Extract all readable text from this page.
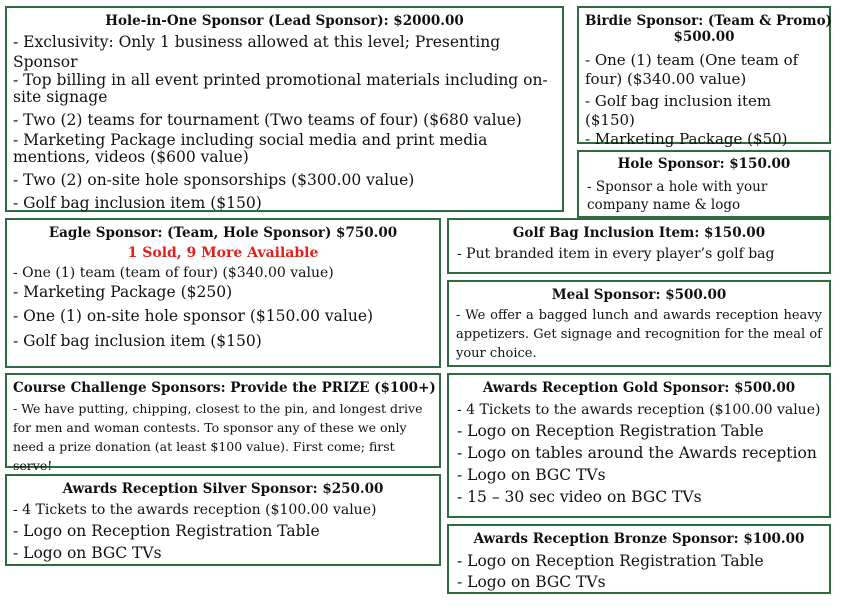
Hole-in-One Sponsor (Lead Sponsor): $2000.00
- Exclusivity: Only 1 business allowed at this level; Presenting Sponsor
- Top billing in all event printed promotional materials including on-site signage
- Two (2) teams for tournament (Two teams of four) ($680 value)
- Marketing Package including social media and print media mentions, videos ($600 value)
- Two (2) on-site hole sponsorships ($300.00 value)
- Golf bag inclusion item ($150)
Birdie Sponsor: (Team & Promo)
$500.00
- One (1) team (One team of four) ($340.00 value)
- Golf bag inclusion item ($150)
- Marketing Package ($50)
Hole Sponsor: $150.00
- Sponsor a hole with your company name & logo
Eagle Sponsor: (Team, Hole Sponsor) $750.00
1 Sold, 9 More Available
- One (1) team (team of four) ($340.00 value)
- Marketing Package ($250)
- One (1) on-site hole sponsor ($150.00 value)
- Golf bag inclusion item ($150)
Golf Bag Inclusion Item: $150.00
- Put branded item in every player’s golf bag
Meal Sponsor: $500.00
- We offer a bagged lunch and awards reception heavy appetizers. Get signage and recognition for the meal of your choice.
Course Challenge Sponsors: Provide the PRIZE ($100+)
- We have putting, chipping, closest to the pin, and longest drive
for men and woman contests. To sponsor any of these we only
need a prize donation (at least $100 value). First come; first serve!
Awards Reception Gold Sponsor: $500.00
- 4 Tickets to the awards reception ($100.00 value)
- Logo on Reception Registration Table
- Logo on tables around the Awards reception
- Logo on BGC TVs
- 15 – 30 sec video on BGC TVs
Awards Reception Silver Sponsor: $250.00
- 4 Tickets to the awards reception ($100.00 value)
- Logo on Reception Registration Table
- Logo on BGC TVs
Awards Reception Bronze Sponsor: $100.00
- Logo on Reception Registration Table
- Logo on BGC TVs
